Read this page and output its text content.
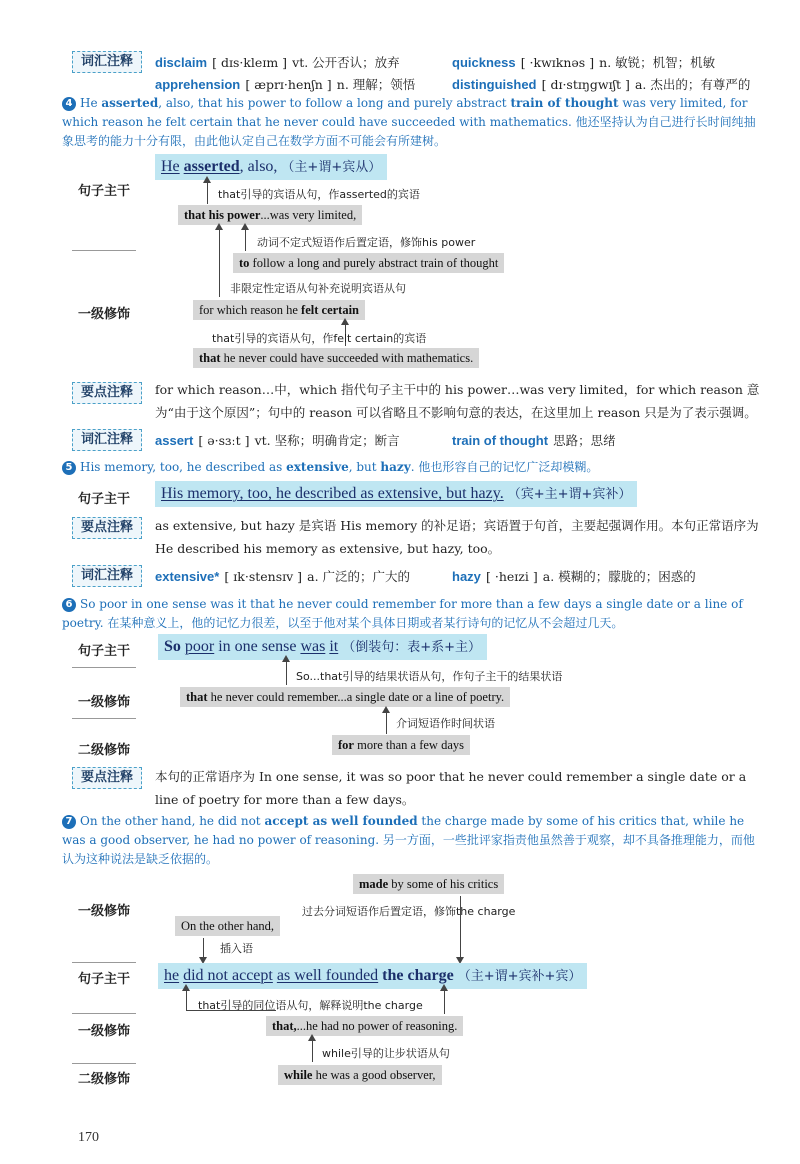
词汇注释	disclaim [ dɪs·kleɪm ] vt. 公开否认；放弃	quickness [ ·kwɪknəs ] n. 敏锐；机智；机敏
apprehension [ æprɪ·henʃn ] n. 理解；领悟	distinguished [ dɪ·stɪŋgwɪʃt ] a. 杰出的；有尊严的
4 He asserted, also, that his power to follow a long and purely abstract train of thought was very limited, for which reason he felt certain that he never could have succeeded with mathematics. 他还坚持认为自己进行长时间纯抽象思考的能力十分有限，由此他认定自己在数学方面不可能会有所建树。
句子主干
一级修饰
He asserted, also, （主+谓+宾从）
that引导的宾语从句，作asserted的宾语
that his power...was very limited,
动词不定式短语作后置定语，修饰his power
to follow a long and purely abstract train of thought
非限定性定语从句补充说明宾语从句
for which reason he felt certain
that引导的宾语从句，作felt certain的宾语
that he never could have succeeded with mathematics.
要点注释	for which reason…中，which 指代句子主干中的 his power…was very limited，for which reason 意为“由于这个原因”；句中的 reason 可以省略且不影响句意的表达，在这里加上 reason 只是为了表示强调。
词汇注释	assert [ ə·sɜːt ] vt. 坚称；明确肯定；断言	train of thought 思路；思绪
5 His memory, too, he described as extensive, but hazy. 他也形容自己的记忆广泛却模糊。
句子主干	His memory, too, he described as extensive, but hazy. （宾+主+谓+宾补）
要点注释	as extensive, but hazy 是宾语 His memory 的补足语；宾语置于句首，主要起强调作用。本句正常语序为 He described his memory as extensive, but hazy, too。
词汇注释	extensive* [ ɪk·stensɪv ] a. 广泛的；广大的	hazy [ ·heɪzi ] a. 模糊的；朦胧的；困惑的
6 So poor in one sense was it that he never could remember for more than a few days a single date or a line of poetry. 在某种意义上，他的记忆力很差，以至于他对某个具体日期或者某行诗句的记忆从不会超过几天。
句子主干	So poor in one sense was it （倒装句：表+系+主）
So...that引导的结果状语从句，作句子主干的结果状语
一级修饰	that he never could remember...a single date or a line of poetry.
介词短语作时间状语
二级修饰	for more than a few days
要点注释	本句的正常语序为 In one sense, it was so poor that he never could remember a single date or a line of poetry for more than a few days。
7 On the other hand, he did not accept as well founded the charge made by some of his critics that, while he was a good observer, he had no power of reasoning. 另一方面，一些批评家指责他虽然善于观察，却不具备推理能力，而他认为这种说法是缺乏依据的。
made by some of his critics
一级修饰	过去分词短语作后置定语，修饰the charge
On the other hand,
插入语
句子主干	he did not accept as well founded the charge （主+谓+宾补+宾）
that引导的同位语从句，解释说明the charge
一级修饰	that,...he had no power of reasoning.
while引导的让步状语从句
二级修饰	while he was a good observer,
170
